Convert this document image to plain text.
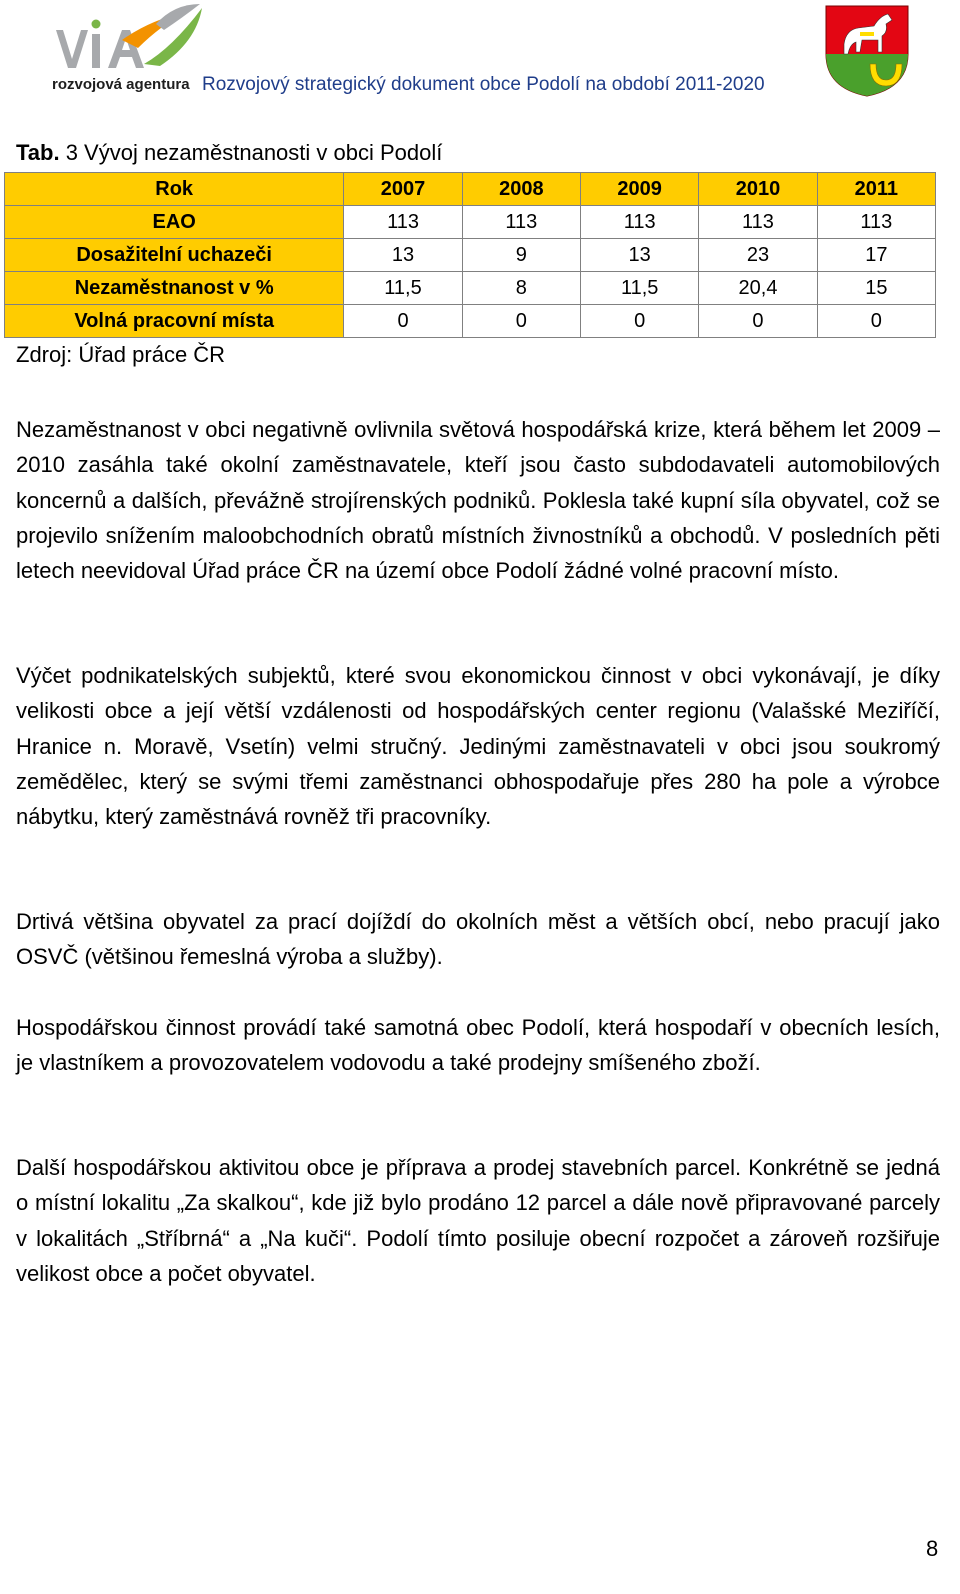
rozvojová agentura Rozvojový strategický dokument obce Podolí na období 2011-2020
Tab. 3 Vývoj nezaměstnanosti v obci Podolí
Rok	2007	2008	2009	2010	2011
EAO	113	113	113	113	113
Dosažitelní uchazeči	13	9	13	23	17
Nezaměstnanost v %	11,5	8	11,5	20,4	15
Volná pracovní místa	0	0	0	0	0
Zdroj: Úřad práce ČR

Nezaměstnanost v obci negativně ovlivnila světová hospodářská krize, která během let 2009 – 2010 zasáhla také okolní zaměstnavatele, kteří jsou často subdodavateli automobilových koncernů a dalších, převážně strojírenských podniků. Poklesla také kupní síla obyvatel, což se projevilo snížením maloobchodních obratů místních živnostníků a obchodů. V posledních pěti letech neevidoval Úřad práce ČR na území obce Podolí žádné volné pracovní místo.

Výčet podnikatelských subjektů, které svou ekonomickou činnost v obci vykonávají, je díky velikosti obce a její větší vzdálenosti od hospodářských center regionu (Valašské Meziříčí, Hranice n. Moravě, Vsetín) velmi stručný. Jedinými zaměstnavateli v obci jsou soukromý zemědělec, který se svými třemi zaměstnanci obhospodařuje přes 280 ha pole a výrobce nábytku, který zaměstnává rovněž tři pracovníky.

Drtivá většina obyvatel za prací dojíždí do okolních měst a větších obcí, nebo pracují jako OSVČ (většinou řemeslná výroba a služby).

Hospodářskou činnost provádí také samotná obec Podolí, která hospodaří v obecních lesích, je vlastníkem a provozovatelem vodovodu a také prodejny smíšeného zboží.

Další hospodářskou aktivitou obce je příprava a prodej stavebních parcel. Konkrétně se jedná o místní lokalitu „Za skalkou“, kde již bylo prodáno 12 parcel a dále nově připravované parcely v lokalitách „Stříbrná“ a „Na kuči“. Podolí tímto posiluje obecní rozpočet a zároveň rozšiřuje velikost obce a počet obyvatel.

8
